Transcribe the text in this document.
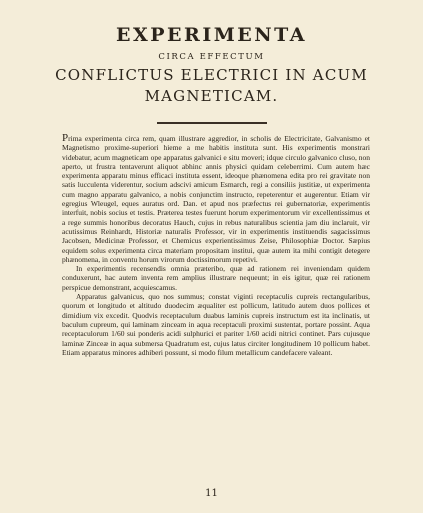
EXPERIMENTA
CIRCA EFFECTUM
CONFLICTUS ELECTRICI IN ACUM
MAGNETICAM.

Prima experimenta circa rem, quam illustrare aggredior, in scholis de Electricitate, Galvanismo et Magnetismo proxime-superiori hieme a me habitis instituta sunt. His experimentis monstrari videbatur, acum magneticam ope apparatus galvanici e situ moveri; idque circulo galvanico cluso, non aperto, ut frustra tentaverunt aliquot abhinc annis physici quidam celeberrimi. Cum autem hæc experimenta apparatu minus efficaci instituta essent, ideoque phænomena edita pro rei gravitate non satis lucculenta viderentur, socium adscivi amicum Esmarch, regi a consiliis justitiæ, ut experimenta cum magno apparatu galvanico, a nobis conjunctim instructo, repeterentur et augerentur. Etiam vir egregius Wleugel, eques auratus ord. Dan. et apud nos præfectus rei gubernatoriæ, experimentis interfuit, nobis socius et testis. Præterea testes fuerunt horum experimentorum vir excellentissimus et a rege summis honoribus decoratus Hauch, cujus in rebus naturalibus scientia jam diu inclaruit, vir acutissimus Reinhardt, Historiæ naturalis Professor, vir in experimentis instituendis sagacissimus Jacobsen, Medicinæ Professor, et Chemicus experientissimus Zeise, Philosophiæ Doctor. Sæpius equidem solus experimenta circa materiam propositam institui, quæ autem ita mihi contigit detegere phænomena, in conventu horum virorum doctissimorum repetivi.

In experimentis recensendis omnia præteribo, quæ ad rationem rei inveniendam quidem conduxerunt, hac autem inventa rem amplius illustrare nequeunt; in eis igitur, quæ rei rationem perspicue demonstrant, acquiescamus.

Apparatus galvanicus, quo nos summus; constat viginti receptaculis cupreis rectangularibus, quorum et longitudo et altitudo duodecim æqualiter est pollicum, latitudo autem duos pollices et dimidium vix excedit. Quodvis receptaculum duabus laminis cupreis instructum est ita inclinatis, ut baculum cupreum, qui laminam zinceam in aqua receptaculi proximi sustentat, portare possint. Aqua receptaculorum 1/60 sui ponderis acidi sulphurici et pariter 1/60 acidi nitrici continet. Pars cujusque laminæ Zinceæ in aqua submersa Quadratum est, cujus latus circiter longitudinem 10 pollicum habet. Etiam apparatus minores adhiberi possunt, si modo filum metallicum candefacere valeant.

11
